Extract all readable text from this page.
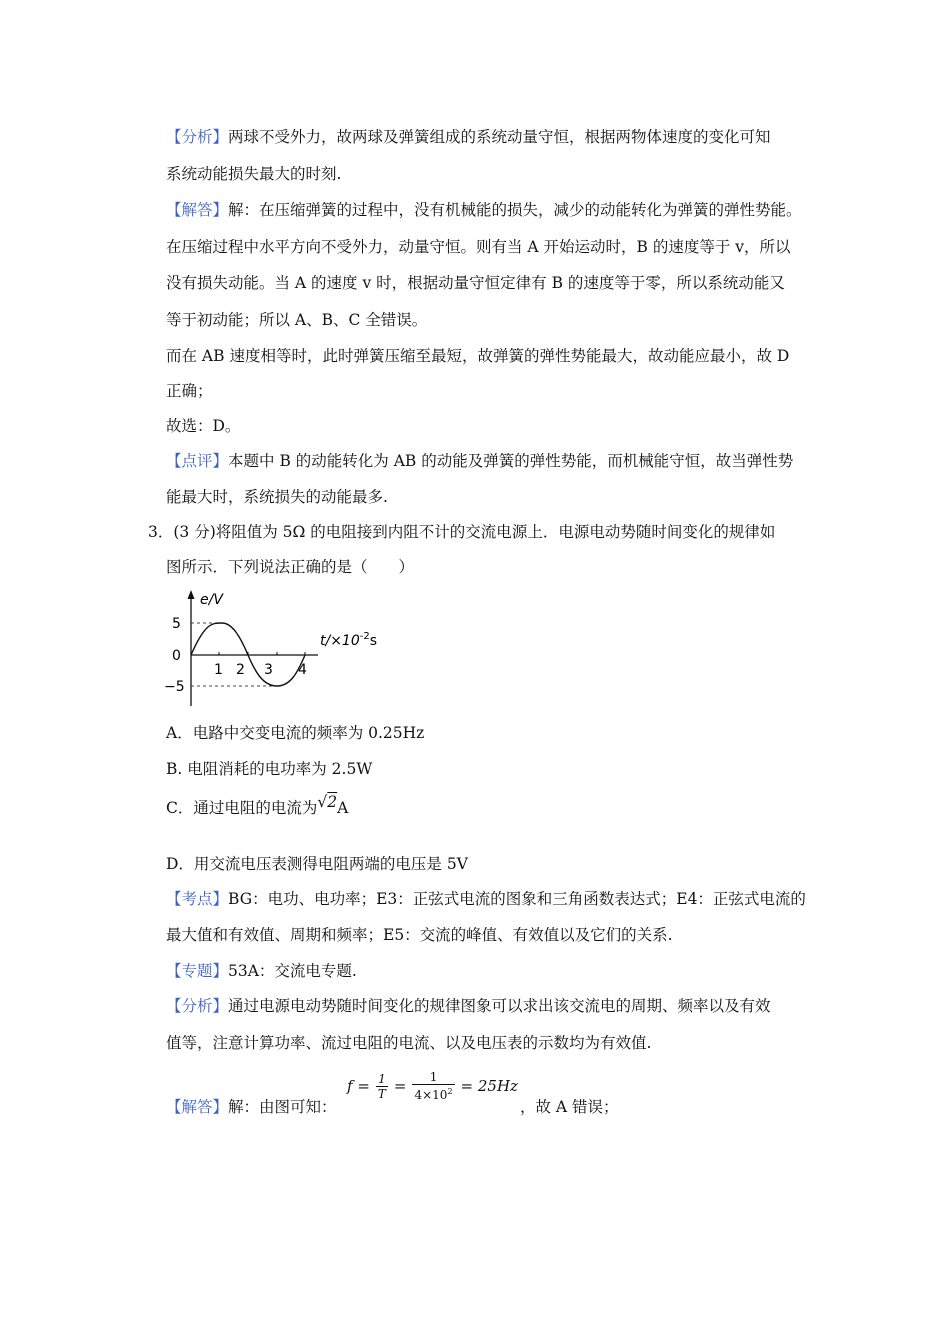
【分析】两球不受外力，故两球及弹簧组成的系统动量守恒，根据两物体速度的变化可知
系统动能损失最大的时刻.
【解答】解：在压缩弹簧的过程中，没有机械能的损失，减少的动能转化为弹簧的弹性势能。
在压缩过程中水平方向不受外力，动量守恒。则有当 A 开始运动时，B 的速度等于 v，所以
没有损失动能。当 A 的速度 v 时，根据动量守恒定律有 B 的速度等于零，所以系统动能又
等于初动能；所以 A、B、C 全错误。
而在 AB 速度相等时，此时弹簧压缩至最短，故弹簧的弹性势能最大，故动能应最小，故 D
正确；
故选：D。
【点评】本题中 B 的动能转化为 AB 的动能及弹簧的弹性势能，而机械能守恒，故当弹性势
能最大时，系统损失的动能最多.
3．(3 分)将阻值为 5Ω 的电阻接到内阻不计的交流电源上．电源电动势随时间变化的规律如
图所示．下列说法正确的是（　　）
e/V
5
0
−5
1 2 3 4
$t/\times 10^{-2}s$
A．电路中交变电流的频率为 0.25Hz
B. 电阻消耗的电功率为 2.5W
C．通过电阻的电流为√2A
D．用交流电压表测得电阻两端的电压是 5V
【考点】BG：电功、电功率；E3：正弦式电流的图象和三角函数表达式；E4：正弦式电流的
最大值和有效值、周期和频率；E5：交流的峰值、有效值以及它们的关系.
【专题】53A：交流电专题.
【分析】通过电源电动势随时间变化的规律图象可以求出该交流电的周期、频率以及有效
值等，注意计算功率、流过电阻的电流、以及电压表的示数均为有效值.
【解答】解：由图可知：
$f = \frac{1}{T} = \frac{1}{4\times 10^2} = 25Hz$
，故 A 错误；
